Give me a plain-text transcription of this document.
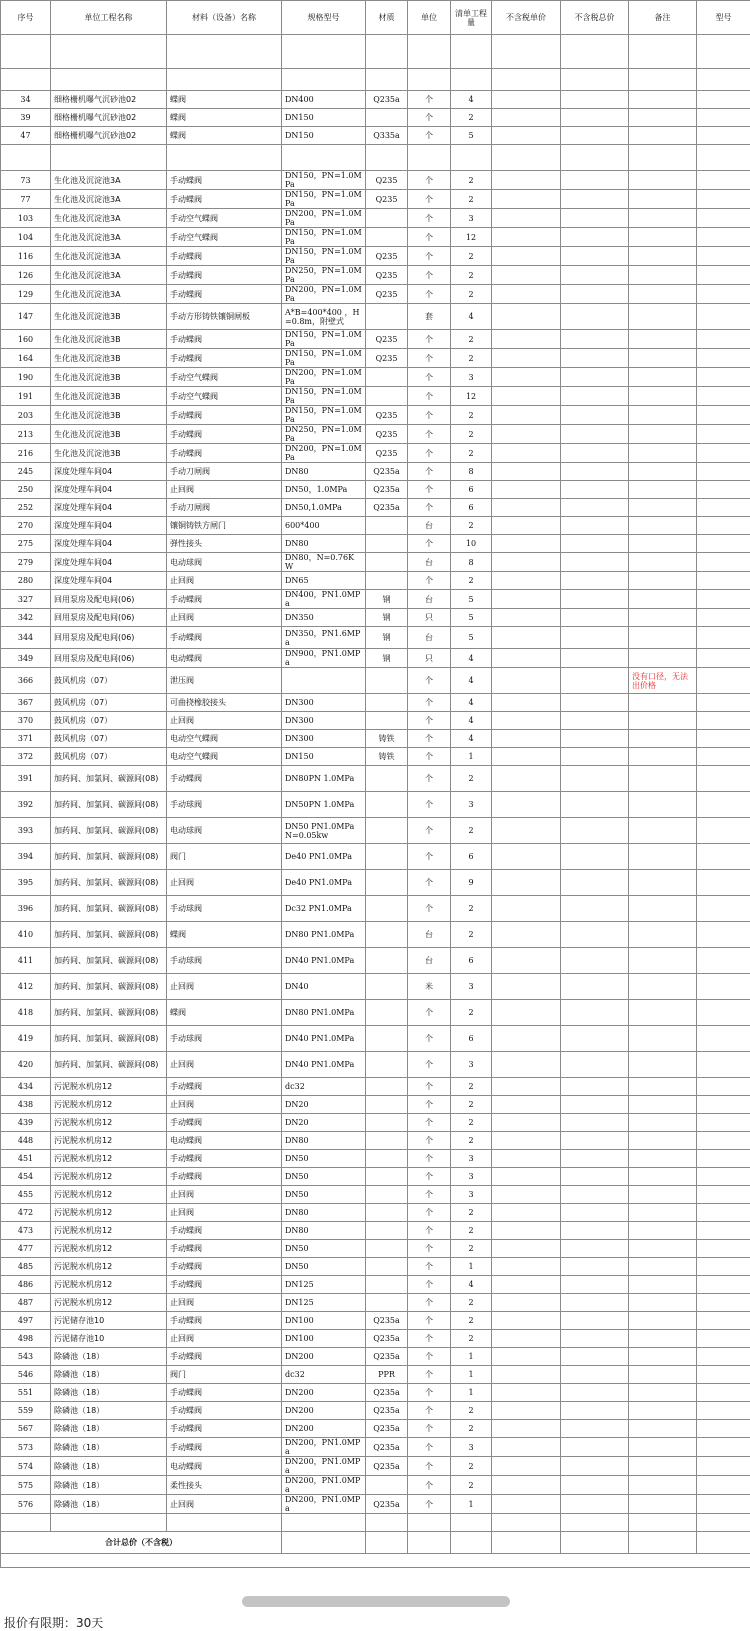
序号	单位工程名称	材料（设备）名称	规格型号	材质	单位	清单工程量	不含税单价	不含税总价	备注	型号

34	细格栅机曝气沉砂池02	蝶阀	DN400	Q235a	个	4				
39	细格栅机曝气沉砂池02	蝶阀	DN150		个	2				
47	细格栅机曝气沉砂池02	蝶阀	DN150	Q335a	个	5				

73	生化池及沉淀池3A	手动蝶阀	DN150，PN=1.0MPa	Q235	个	2				
77	生化池及沉淀池3A	手动蝶阀	DN150，PN=1.0MPa	Q235	个	2				
103	生化池及沉淀池3A	手动空气蝶阀	DN200，PN=1.0MPa		个	3				
104	生化池及沉淀池3A	手动空气蝶阀	DN150，PN=1.0MPa		个	12				
116	生化池及沉淀池3A	手动蝶阀	DN150，PN=1.0MPa	Q235	个	2				
126	生化池及沉淀池3A	手动蝶阀	DN250，PN=1.0MPa	Q235	个	2				
129	生化池及沉淀池3A	手动蝶阀	DN200，PN=1.0MPa	Q235	个	2				
147	生化池及沉淀池3B	手动方形铸铁镶铜闸板	A*B=400*400 ，H=0.8m，附壁式		套	4				
160	生化池及沉淀池3B	手动蝶阀	DN150，PN=1.0MPa	Q235	个	2				
164	生化池及沉淀池3B	手动蝶阀	DN150，PN=1.0MPa	Q235	个	2				
190	生化池及沉淀池3B	手动空气蝶阀	DN200，PN=1.0MPa		个	3				
191	生化池及沉淀池3B	手动空气蝶阀	DN150，PN=1.0MPa		个	12				
203	生化池及沉淀池3B	手动蝶阀	DN150，PN=1.0MPa	Q235	个	2				
213	生化池及沉淀池3B	手动蝶阀	DN250，PN=1.0MPa	Q235	个	2				
216	生化池及沉淀池3B	手动蝶阀	DN200，PN=1.0MPa	Q235	个	2				
245	深度处理车间04	手动刀闸阀	DN80	Q235a	个	8				
250	深度处理车间04	止回阀	DN50，1.0MPa	Q235a	个	6				
252	深度处理车间04	手动刀闸阀	DN50,1.0MPa	Q235a	个	6				
270	深度处理车间04	镶铜铸铁方闸门	600*400		台	2				
275	深度处理车间04	弹性接头	DN80		个	10				
279	深度处理车间04	电动球阀	DN80，N=0.76KW		台	8				
280	深度处理车间04	止回阀	DN65		个	2				
327	回用泵房及配电间(06)	手动蝶阀	DN400，PN1.0MPa	钢	台	5				
342	回用泵房及配电间(06)	止回阀	DN350	钢	只	5				
344	回用泵房及配电间(06)	手动蝶阀	DN350，PN1.6MPa	钢	台	5				
349	回用泵房及配电间(06)	电动蝶阀	DN900，PN1.0MPa	钢	只	4				
366	鼓风机房（07）	泄压阀			个	4			没有口径，无法出价格	
367	鼓风机房（07）	可曲挠橡胶接头	DN300		个	4				
370	鼓风机房（07）	止回阀	DN300		个	4				
371	鼓风机房（07）	电动空气蝶阀	DN300	铸铁	个	4				
372	鼓风机房（07）	电动空气蝶阀	DN150	铸铁	个	1				
391	加药间、加氯间、碳源间(08)	手动蝶阀	DN80PN 1.0MPa		个	2				
392	加药间、加氯间、碳源间(08)	手动球阀	DN50PN 1.0MPa		个	3				
393	加药间、加氯间、碳源间(08)	电动球阀	DN50 PN1.0MPa N=0.05kw		个	2				
394	加药间、加氯间、碳源间(08)	阀门	De40 PN1.0MPa		个	6				
395	加药间、加氯间、碳源间(08)	止回阀	De40 PN1.0MPa		个	9				
396	加药间、加氯间、碳源间(08)	手动球阀	Dc32 PN1.0MPa		个	2				
410	加药间、加氯间、碳源间(08)	蝶阀	DN80 PN1.0MPa		台	2				
411	加药间、加氯间、碳源间(08)	手动球阀	DN40 PN1.0MPa		台	6				
412	加药间、加氯间、碳源间(08)	止回阀	DN40		米	3				
418	加药间、加氯间、碳源间(08)	蝶阀	DN80 PN1.0MPa		个	2				
419	加药间、加氯间、碳源间(08)	手动球阀	DN40 PN1.0MPa		个	6				
420	加药间、加氯间、碳源间(08)	止回阀	DN40 PN1.0MPa		个	3				
434	污泥脱水机房12	手动蝶阀	dc32		个	2				
438	污泥脱水机房12	止回阀	DN20		个	2				
439	污泥脱水机房12	手动蝶阀	DN20		个	2				
448	污泥脱水机房12	电动蝶阀	DN80		个	2				
451	污泥脱水机房12	手动蝶阀	DN50		个	3				
454	污泥脱水机房12	手动蝶阀	DN50		个	3				
455	污泥脱水机房12	止回阀	DN50		个	3				
472	污泥脱水机房12	止回阀	DN80		个	2				
473	污泥脱水机房12	手动蝶阀	DN80		个	2				
477	污泥脱水机房12	手动蝶阀	DN50		个	2				
485	污泥脱水机房12	手动蝶阀	DN50		个	1				
486	污泥脱水机房12	手动蝶阀	DN125		个	4				
487	污泥脱水机房12	止回阀	DN125		个	2				
497	污泥储存池10	手动蝶阀	DN100	Q235a	个	2				
498	污泥储存池10	止回阀	DN100	Q235a	个	2				
543	除磷池（18）	手动蝶阀	DN200	Q235a	个	1				
546	除磷池（18）	阀门	dc32	PPR	个	1				
551	除磷池（18）	手动蝶阀	DN200	Q235a	个	1				
559	除磷池（18）	手动蝶阀	DN200	Q235a	个	2				
567	除磷池（18）	手动蝶阀	DN200	Q235a	个	2				
573	除磷池（18）	手动蝶阀	DN200，PN1.0MPa	Q235a	个	3				
574	除磷池（18）	电动蝶阀	DN200，PN1.0MPa	Q235a	个	2				
575	除磷池（18）	柔性接头	DN200，PN1.0MPa		个	2				
576	除磷池（18）	止回阀	DN200，PN1.0MPa	Q235a	个	1				

合计总价（不含税）										

报价有限期：30天
